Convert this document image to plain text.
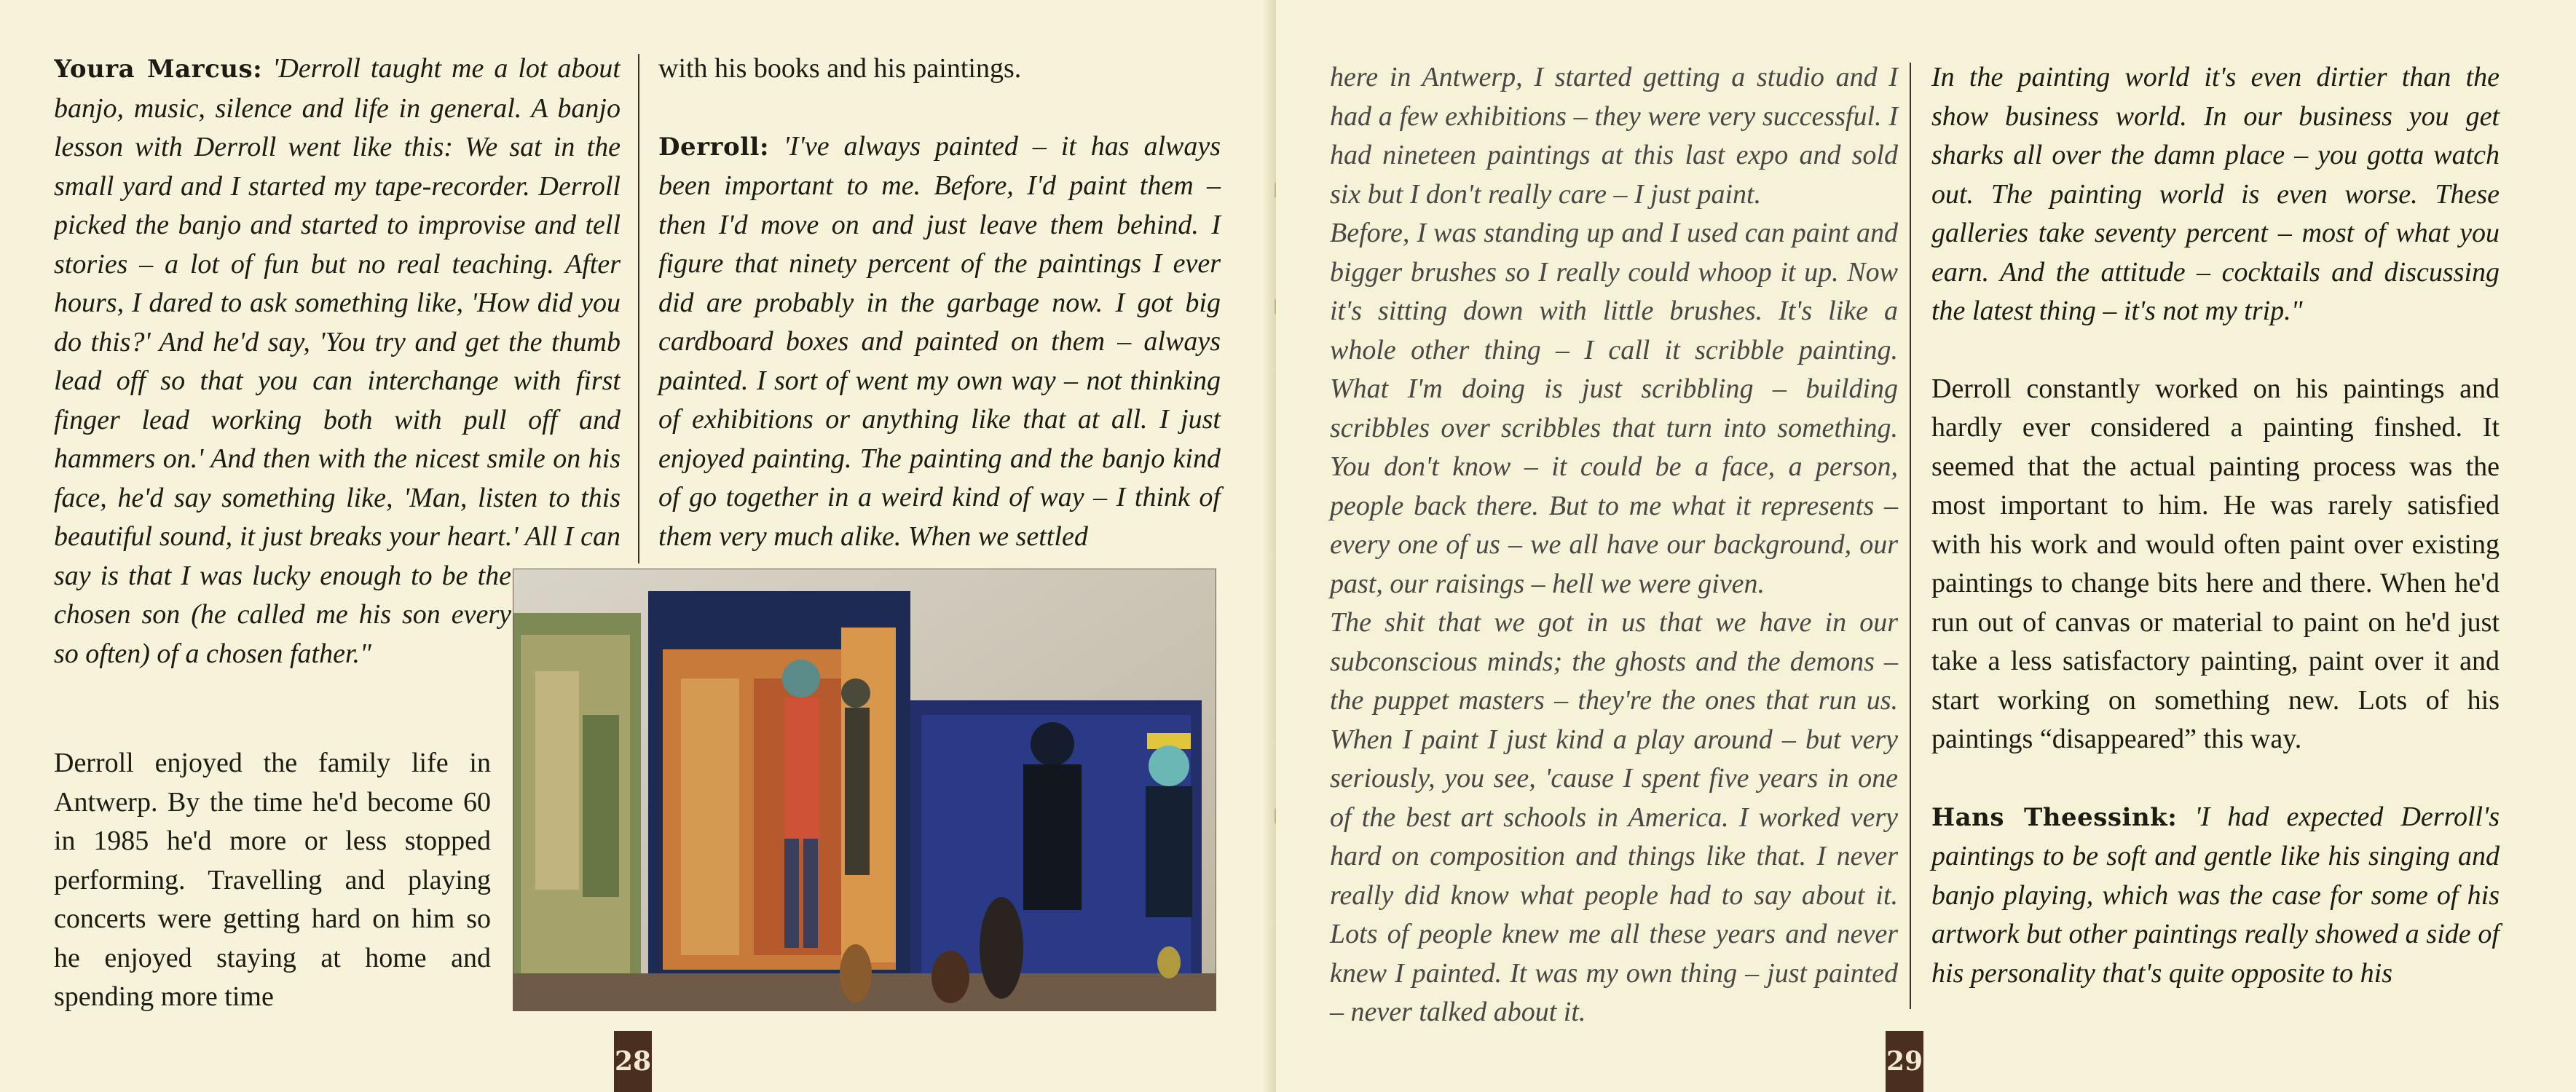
Youra Marcus: 'Derroll taught me a lot about banjo, music, silence and life in general. A banjo lesson with Derroll went like this: We sat in the small yard and I started my tape-recorder. Derroll picked the banjo and started to improvise and tell stories – a lot of fun but no real teaching. After hours, I dared to ask something like, 'How did you do this?' And he'd say, 'You try and get the thumb lead off so that you can interchange with first finger lead working both with pull off and hammers on.' And then with the nicest smile on his face, he'd say something like, 'Man, listen to this beautiful sound, it just breaks your heart.' All I can say is that I was lucky enough to be the chosen son (he called me his son every so often) of a chosen father."

Derroll enjoyed the family life in Antwerp. By the time he'd become 60 in 1985 he'd more or less stopped performing. Travelling and playing concerts were getting hard on him so he enjoyed staying at home and spending more time

with his books and his paintings.

Derroll: 'I've always painted – it has always been important to me. Before, I'd paint them – then I'd move on and just leave them behind. I figure that ninety percent of the paintings I ever did are probably in the garbage now. I got big cardboard boxes and painted on them – always painted. I sort of went my own way – not thinking of exhibitions or anything like that at all. I just enjoyed painting. The painting and the banjo kind of go together in a weird kind of way – I think of them very much alike. When we settled

28

here in Antwerp, I started getting a studio and I had a few exhibitions – they were very successful. I had nineteen paintings at this last expo and sold six but I don't really care – I just paint.

Before, I was standing up and I used can paint and bigger brushes so I really could whoop it up. Now it's sitting down with little brushes. It's like a whole other thing – I call it scribble painting. What I'm doing is just scribbling – building scribbles over scribbles that turn into something. You don't know – it could be a face, a person, people back there. But to me what it represents – every one of us – we all have our background, our past, our raisings – hell we were given.

The shit that we got in us that we have in our subconscious minds; the ghosts and the demons – the puppet masters – they're the ones that run us. When I paint I just kind a play around – but very seriously, you see, 'cause I spent five years in one of the best art schools in America. I worked very hard on composition and things like that. I never really did know what people had to say about it. Lots of people knew me all these years and never knew I painted. It was my own thing – just painted – never talked about it.

In the painting world it's even dirtier than the show business world. In our business you get sharks all over the damn place – you gotta watch out. The painting world is even worse. These galleries take seventy percent – most of what you earn. And the attitude – cocktails and discussing the latest thing – it's not my trip."

Derroll constantly worked on his paintings and hardly ever considered a painting finshed. It seemed that the actual painting process was the most important to him. He was rarely satisfied with his work and would often paint over existing paintings to change bits here and there. When he'd run out of canvas or material to paint on he'd just take a less satisfactory painting, paint over it and start working on something new. Lots of his paintings “disappeared” this way.

Hans Theessink: 'I had expected Derroll's paintings to be soft and gentle like his singing and banjo playing, which was the case for some of his artwork but other paintings really showed a side of his personality that's quite opposite to his

29
